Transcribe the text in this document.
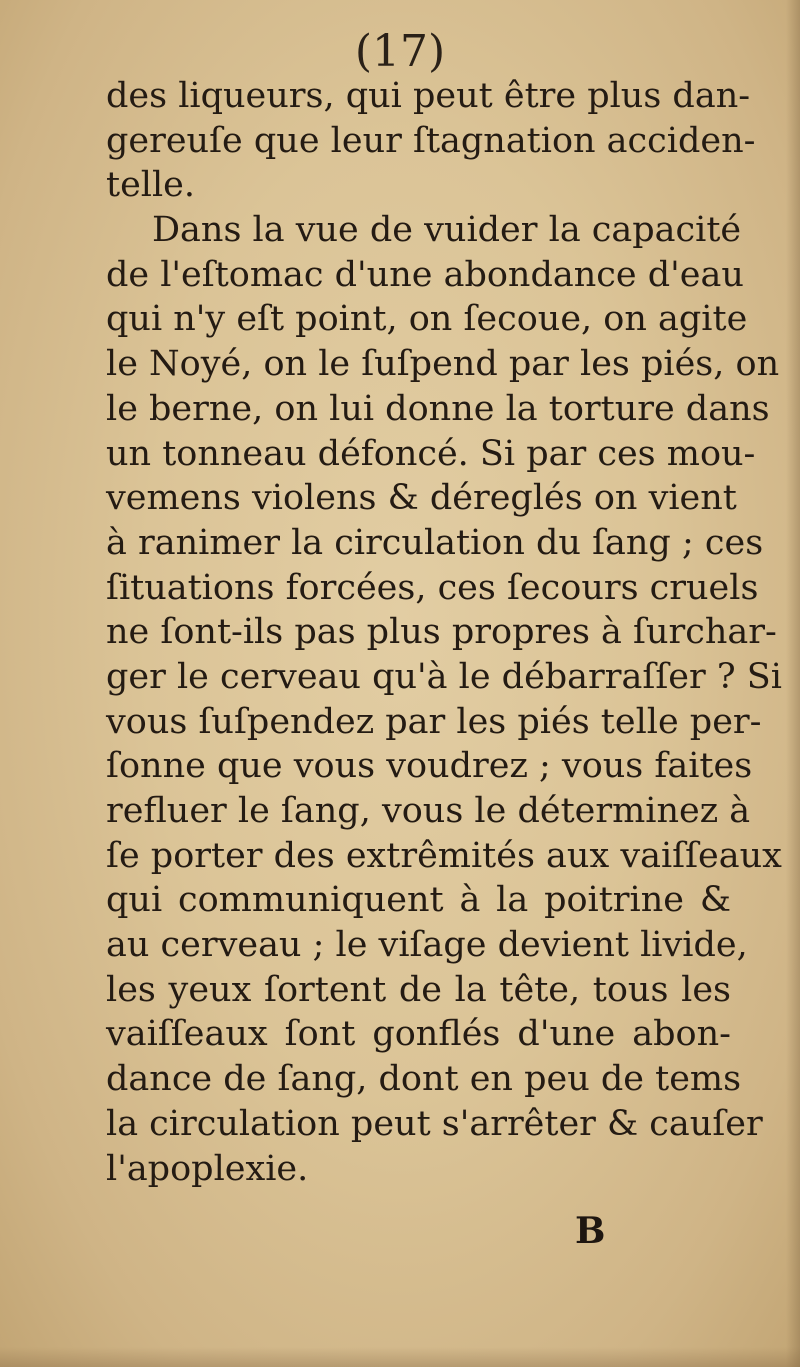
(17)
des liqueurs, qui peut être plus dan-
gereuſe que leur ſtagnation acciden-
telle.
Dans la vue de vuider la capacité
de l'eſtomac d'une abondance d'eau
qui n'y eſt point, on ſecoue, on agite
le Noyé, on le ſuſpend par les piés, on
le berne, on lui donne la torture dans
un tonneau défoncé. Si par ces mou-
vemens violens & déreglés on vient
à ranimer la circulation du ſang ; ces
ſituations forcées, ces ſecours cruels
ne ſont-ils pas plus propres à ſurchar-
ger le cerveau qu'à le débarraſſer ? Si
vous ſuſpendez par les piés telle per-
ſonne que vous voudrez ; vous faites
refluer le ſang, vous le déterminez à
ſe porter des extrêmités aux vaiſſeaux
qui communiquent à la poitrine &
au cerveau ; le viſage devient livide,
les yeux ſortent de la tête, tous les
vaiſſeaux ſont gonflés d'une abon-
dance de ſang, dont en peu de tems
la circulation peut s'arrêter & cauſer
l'apoplexie.
B
